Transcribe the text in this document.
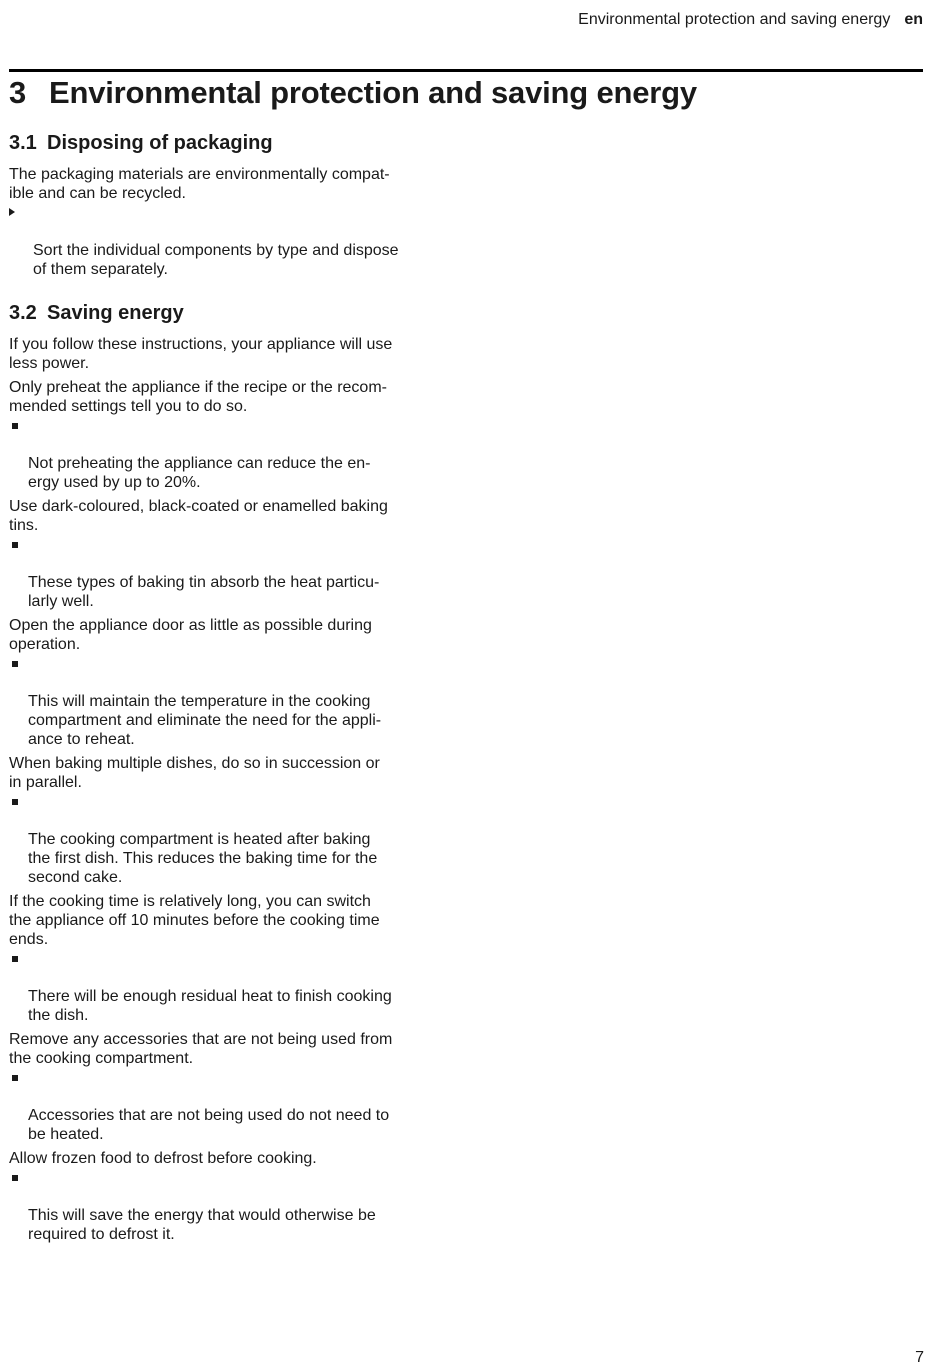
Environmental protection and saving energy en
3 Environmental protection and saving energy
3.1 Disposing of packaging

The packaging materials are environmentally compat-
ible and can be recycled.

Sort the individual components by type and dispose
of them separately.

3.2 Saving energy

If you follow these instructions, your appliance will use
less power.

Only preheat the appliance if the recipe or the recom-
mended settings tell you to do so.

Not preheating the appliance can reduce the en-
ergy used by up to 20%.

Use dark-coloured, black-coated or enamelled baking
tins.

These types of baking tin absorb the heat particu-
larly well.

Open the appliance door as little as possible during
operation.

This will maintain the temperature in the cooking
compartment and eliminate the need for the appli-
ance to reheat.

When baking multiple dishes, do so in succession or
in parallel.

The cooking compartment is heated after baking
the first dish. This reduces the baking time for the
second cake.

If the cooking time is relatively long, you can switch
the appliance off 10 minutes before the cooking time
ends.

There will be enough residual heat to finish cooking
the dish.

Remove any accessories that are not being used from
the cooking compartment.

Accessories that are not being used do not need to
be heated.

Allow frozen food to defrost before cooking.

This will save the energy that would otherwise be
required to defrost it.

7
